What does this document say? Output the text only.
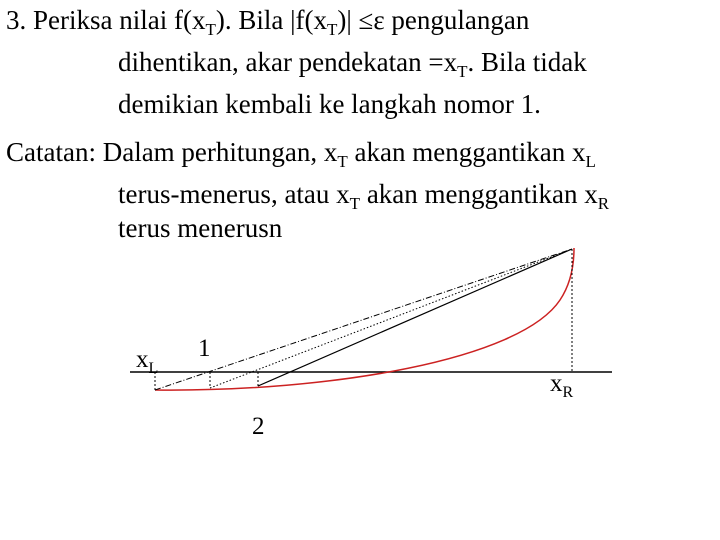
3. Periksa nilai $f(x_T)$. Bila $|f(x_T)| \le\varepsilon$ pengulangan
dihentikan, akar pendekatan $=x_T$. Bila tidak
demikian kembali ke langkah nomor 1.
Catatan: Dalam perhitungan, $x_T$ akan menggantikan $x_L$
terus-menerus, atau $x_T$ akan menggantikan $x_R$
terus menerusn
$x_L$
1
$x_R$
2
